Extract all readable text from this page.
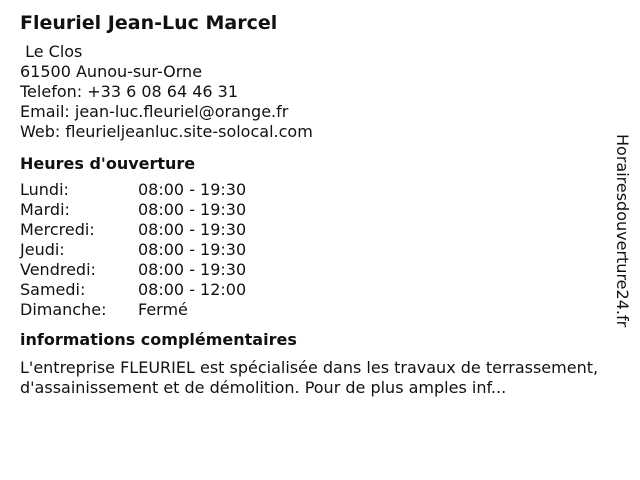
Fleuriel Jean-Luc Marcel
Le Clos
61500 Aunou-sur-Orne
Telefon: +33 6 08 64 46 31
Email: jean-luc.fleuriel@orange.fr
Web: fleurieljeanluc.site-solocal.com
Heures d'ouverture
Lundi:	08:00 - 19:30
Mardi:	08:00 - 19:30
Mercredi:	08:00 - 19:30
Jeudi:	08:00 - 19:30
Vendredi:	08:00 - 19:30
Samedi:	08:00 - 12:00
Dimanche:	Fermé
informations complémentaires

L'entreprise FLEURIEL est spécialisée dans les travaux de terrassement, d'assainissement et de démolition. Pour de plus amples inf...

Horairesdouverture24.fr
